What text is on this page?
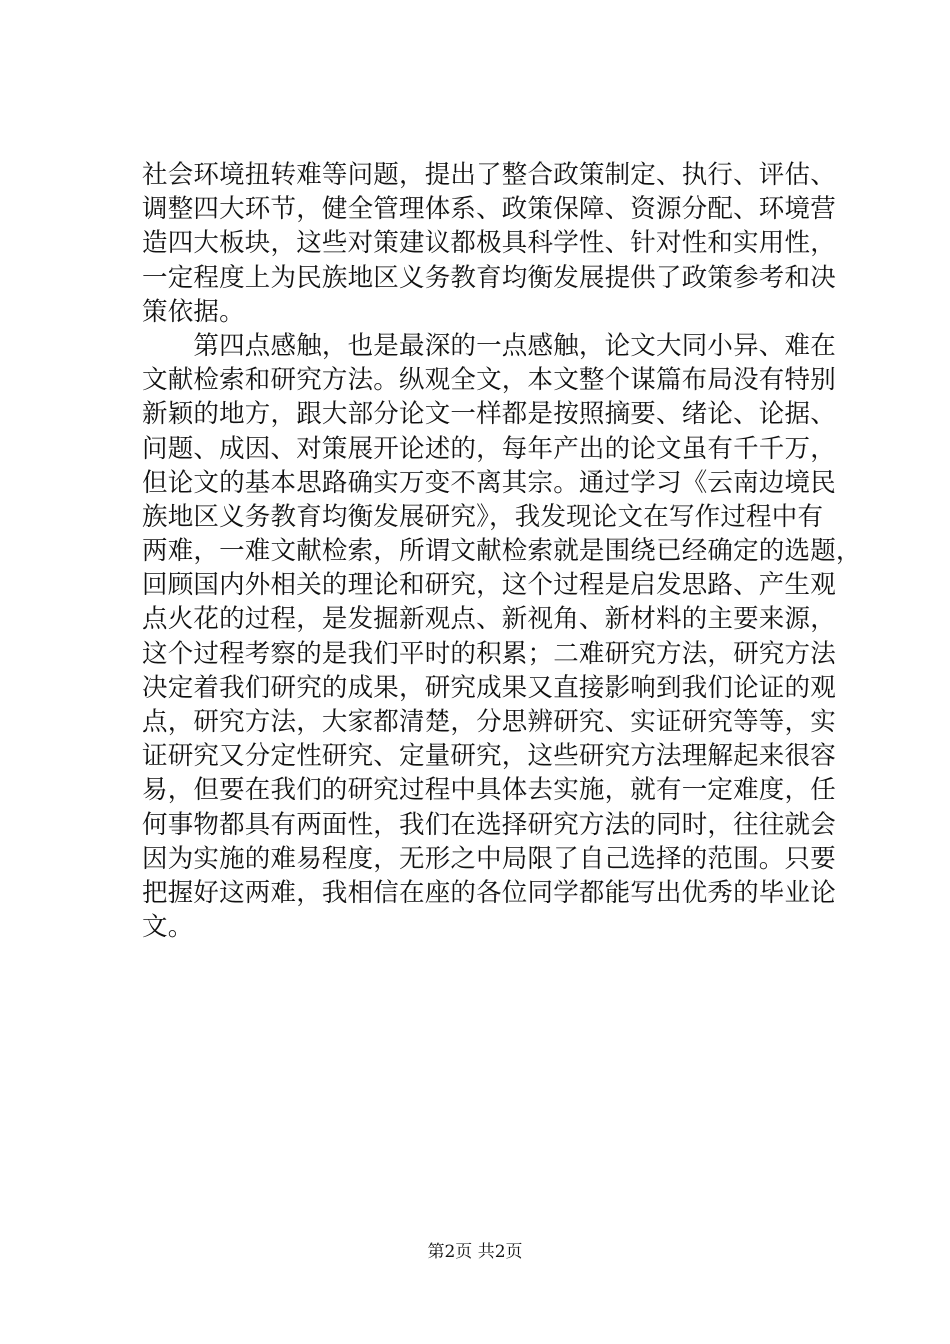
社会环境扭转难等问题，提出了整合政策制定、执行、评估、
调整四大环节，健全管理体系、政策保障、资源分配、环境营
造四大板块，这些对策建议都极具科学性、针对性和实用性，
一定程度上为民族地区义务教育均衡发展提供了政策参考和决
策依据。
　　第四点感触，也是最深的一点感触，论文大同小异、难在
文献检索和研究方法。纵观全文，本文整个谋篇布局没有特别
新颖的地方，跟大部分论文一样都是按照摘要、绪论、论据、
问题、成因、对策展开论述的，每年产出的论文虽有千千万，
但论文的基本思路确实万变不离其宗。通过学习《云南边境民
族地区义务教育均衡发展研究》，我发现论文在写作过程中有
两难，一难文献检索，所谓文献检索就是围绕已经确定的选题，
回顾国内外相关的理论和研究，这个过程是启发思路、产生观
点火花的过程，是发掘新观点、新视角、新材料的主要来源，
这个过程考察的是我们平时的积累；二难研究方法，研究方法
决定着我们研究的成果，研究成果又直接影响到我们论证的观
点，研究方法，大家都清楚，分思辨研究、实证研究等等，实
证研究又分定性研究、定量研究，这些研究方法理解起来很容
易，但要在我们的研究过程中具体去实施，就有一定难度，任
何事物都具有两面性，我们在选择研究方法的同时，往往就会
因为实施的难易程度，无形之中局限了自己选择的范围。只要
把握好这两难，我相信在座的各位同学都能写出优秀的毕业论
文。
第2页 共2页
